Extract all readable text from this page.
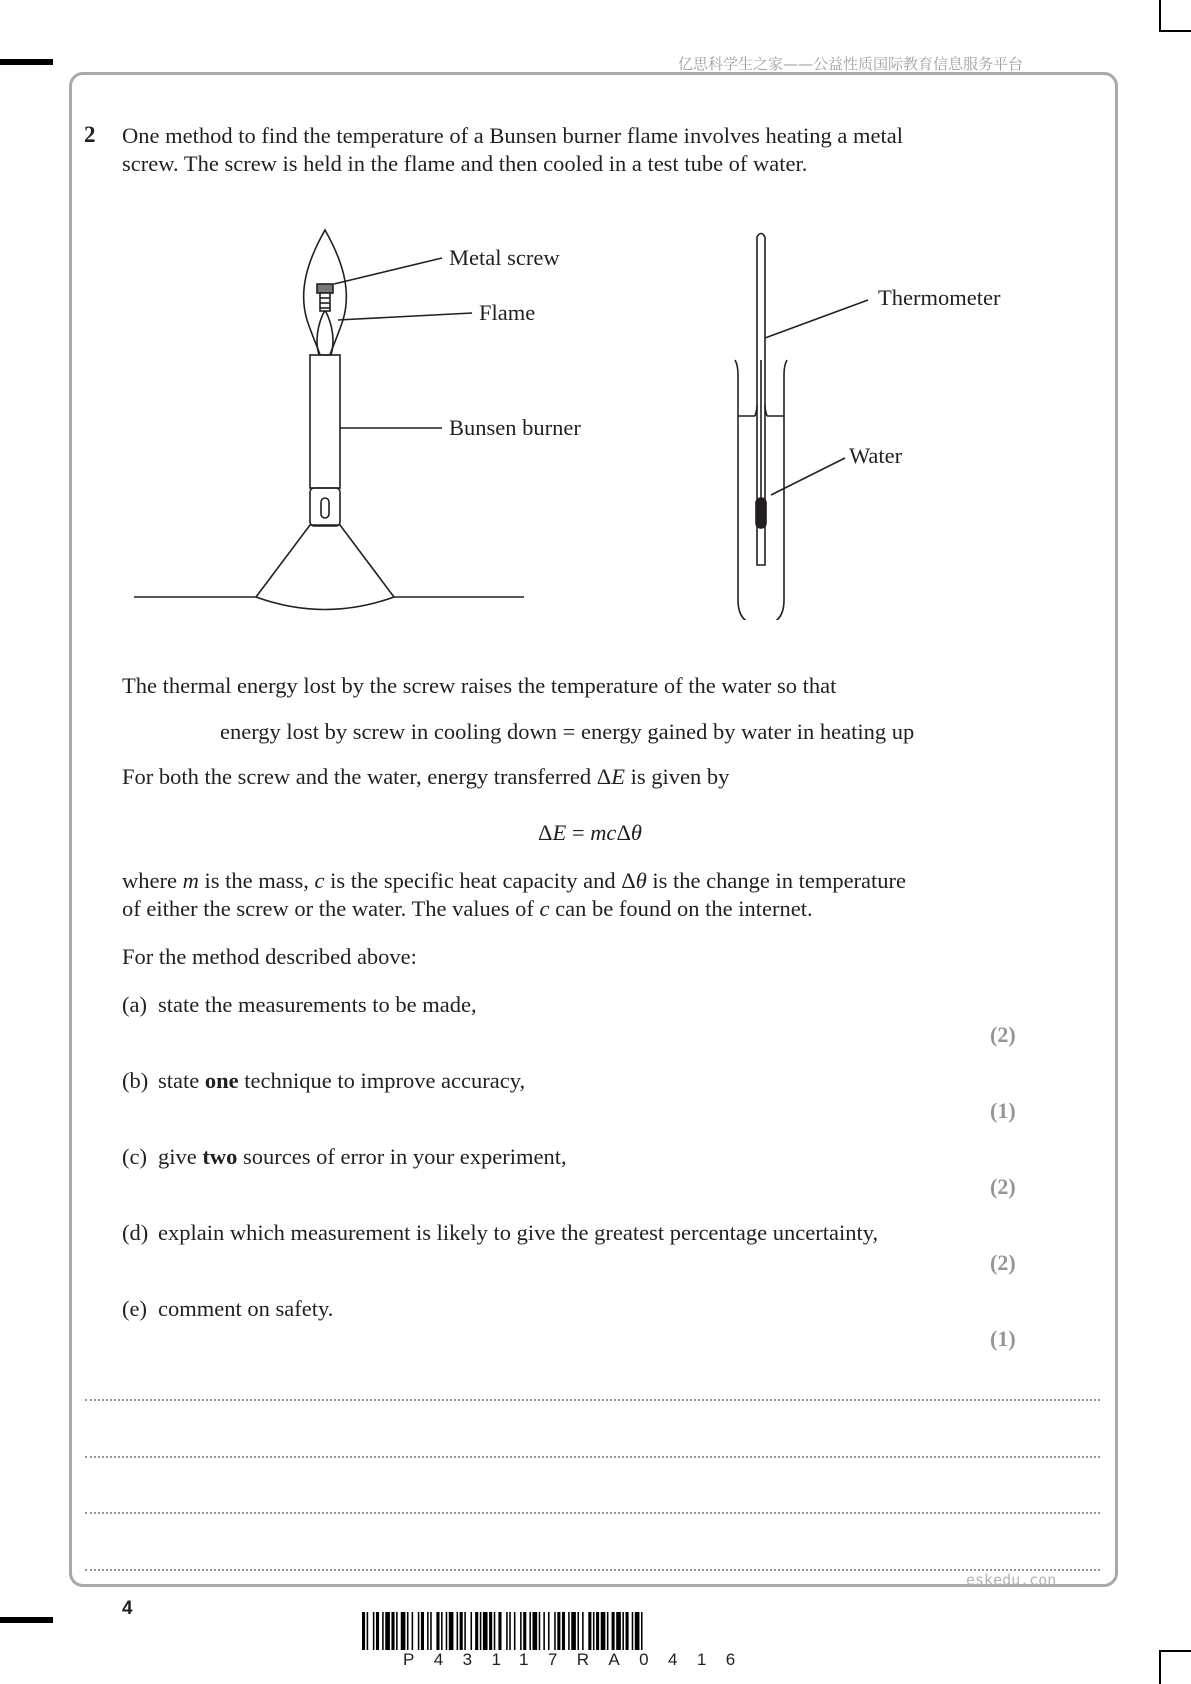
亿思科学生之家——公益性质国际教育信息服务平台
2 One method to find the temperature of a Bunsen burner flame involves heating a metal
screw. The screw is held in the flame and then cooled in a test tube of water.
Metal screw
Flame
Bunsen burner
Thermometer
Water
The thermal energy lost by the screw raises the temperature of the water so that
energy lost by screw in cooling down = energy gained by water in heating up
For both the screw and the water, energy transferred ΔE is given by
ΔE = mcΔθ
where m is the mass, c is the specific heat capacity and Δθ is the change in temperature
of either the screw or the water. The values of c can be found on the internet.
For the method described above:
(a) state the measurements to be made,
(2)
(b) state one technique to improve accuracy,
(1)
(c) give two sources of error in your experiment,
(2)
(d) explain which measurement is likely to give the greatest percentage uncertainty,
(2)
(e) comment on safety.
(1)
eskedu.con
4
P43117RA0416
